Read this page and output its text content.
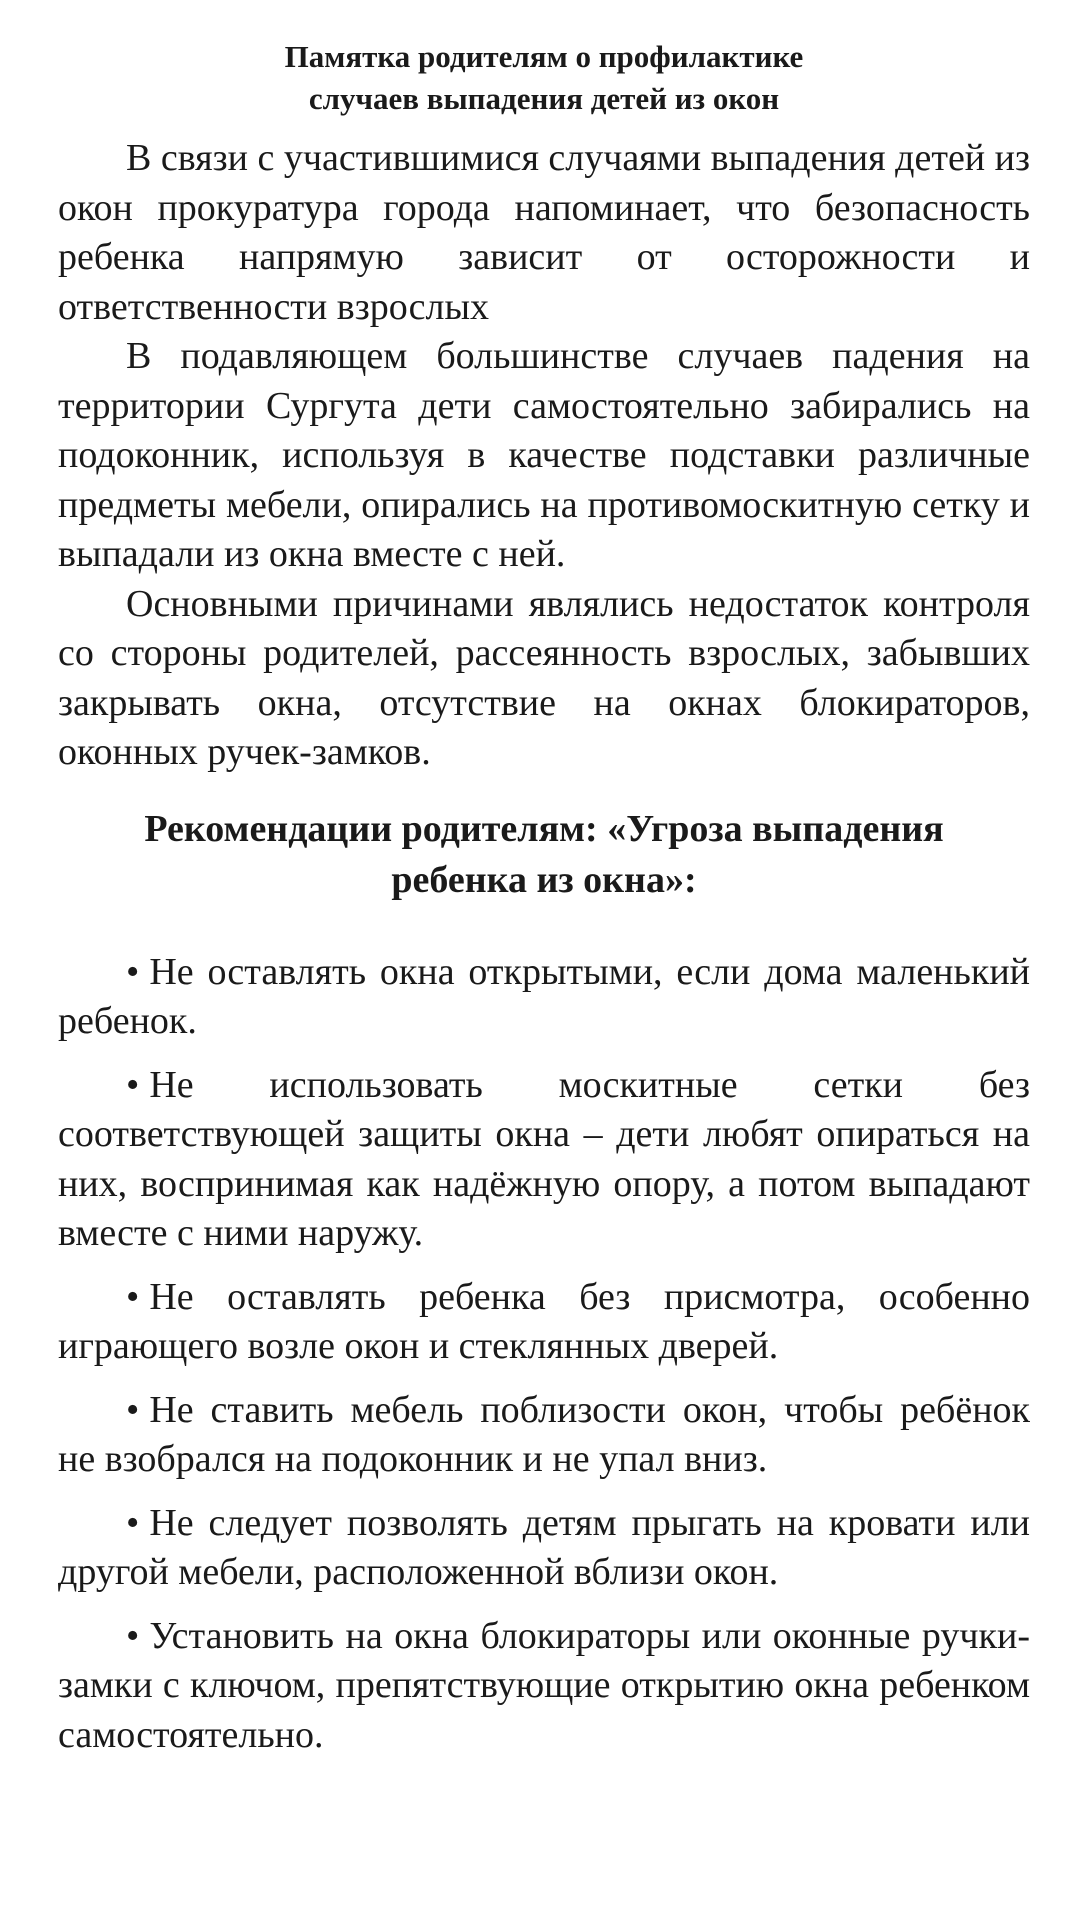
Памятка родителям о профилактике
случаев выпадения детей из окон

В связи с участившимися случаями выпадения детей из окон прокуратура города напоминает, что безопасность ребенка напрямую зависит от осторожности и ответственности взрослых

В подавляющем большинстве случаев падения на территории Сургута дети самостоятельно забирались на подоконник, используя в качестве подставки различные предметы мебели, опирались на противомоскитную сетку и выпадали из окна вместе с ней.

Основными причинами являлись недостаток контроля со стороны родителей, рассеянность взрослых, забывших закрывать окна, отсутствие на окнах блокираторов, оконных ручек-замков.

Рекомендации родителям: «Угроза выпадения
ребенка из окна»:

• Не оставлять окна открытыми, если дома маленький ребенок.

• Не использовать москитные сетки без соответствующей защиты окна – дети любят опираться на них, воспринимая как надёжную опору, а потом выпадают вместе с ними наружу.

• Не оставлять ребенка без присмотра, особенно играющего возле окон и стеклянных дверей.

• Не ставить мебель поблизости окон, чтобы ребёнок не взобрался на подоконник и не упал вниз.

• Не следует позволять детям прыгать на кровати или другой мебели, расположенной вблизи окон.

• Установить на окна блокираторы или оконные ручки-замки с ключом, препятствующие открытию окна ребенком самостоятельно.
